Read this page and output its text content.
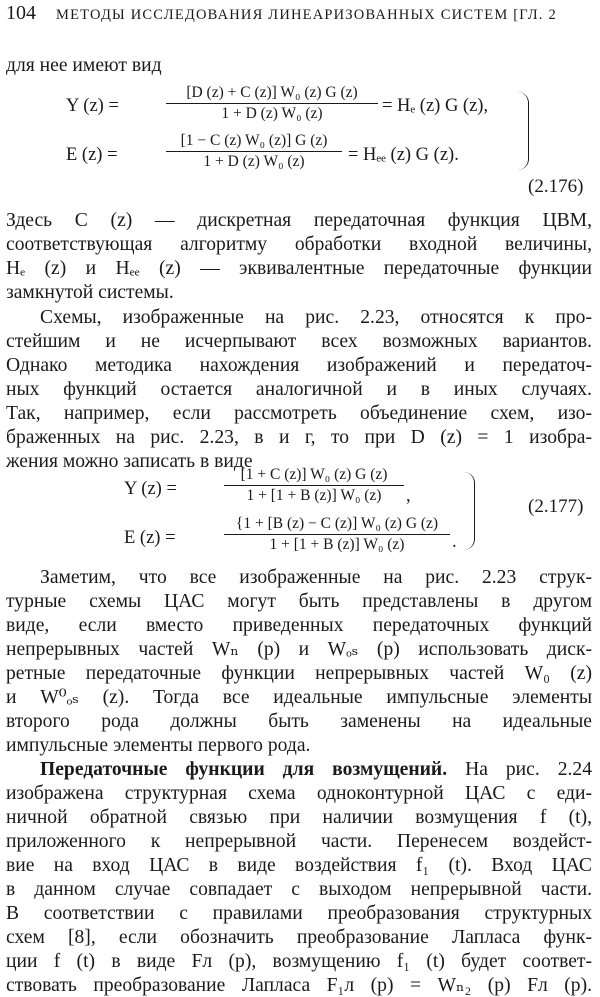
104 МЕТОДЫ ИССЛЕДОВАНИЯ ЛИНЕАРИЗОВАННЫХ СИСТЕМ [ГЛ. 2
для нее имеют вид
Y (z) =	$\frac{\text{[D (z) + C (z)] W₀ (z) G (z)}}{\text{1 + D (z) W₀ (z)}} = H_e$ (z) G (z),
E (z) =	$\frac{\text{[1 − C (z) W₀ (z)] G (z)}}{\text{1 + D (z) W₀ (z)}} = H_{ee}$ (z) G (z).
(2.176)
Здесь C (z) — дискретная передаточная функция ЦВМ,
соответствующая алгоритму обработки входной величины,
Hₑ (z) и Hₑₑ (z) — эквивалентные передаточные функции
замкнутой системы.
Схемы, изображенные на рис. 2.23, относятся к про-
стейшим и не исчерпывают всех возможных вариантов.
Однако методика нахождения изображений и передаточ-
ных функций остается аналогичной и в иных случаях.
Так, например, если рассмотреть объединение схем, изо-
браженных на рис. 2.23, в и г, то при D (z) = 1 изобра-
жения можно записать в виде
Y (z) =	$\frac{\text{[1 + C (z)] W₀ (z) G (z)}}{\text{1 + [1 + B (z)] W₀ (z)}}$ ,
E (z) =	$\frac{\text{\{1 + [B (z) − C (z)] W₀ (z) G (z)}}{\text{1 + [1 + B (z)] W₀ (z)}}$ .
(2.177)
Заметим, что все изображенные на рис. 2.23 струк-
турные схемы ЦАС могут быть представлены в другом
виде, если вместо приведенных передаточных функций
непрерывных частей Wₙ (p) и Wₒₛ (p) использовать диск-
ретные передаточные функции непрерывных частей W₀ (z)
и W⁰ₒₛ (z). Тогда все идеальные импульсные элементы
второго рода должны быть заменены на идеальные
импульсные элементы первого рода.
Передаточные функции для возмущений. На рис. 2.24
изображена структурная схема одноконтурной ЦАС с еди-
ничной обратной связью при наличии возмущения f (t),
приложенного к непрерывной части. Перенесем воздейст-
вие на вход ЦАС в виде воздействия f₁ (t). Вход ЦАС
в данном случае совпадает с выходом непрерывной части.
В соответствии с правилами преобразования структурных
схем [8], если обозначить преобразование Лапласа функ-
ции f (t) в виде Fл (p), возмущению f₁ (t) будет соответ-
ствовать преобразование Лапласа F₁л (p) = Wₙ₂ (p) Fл (p).
